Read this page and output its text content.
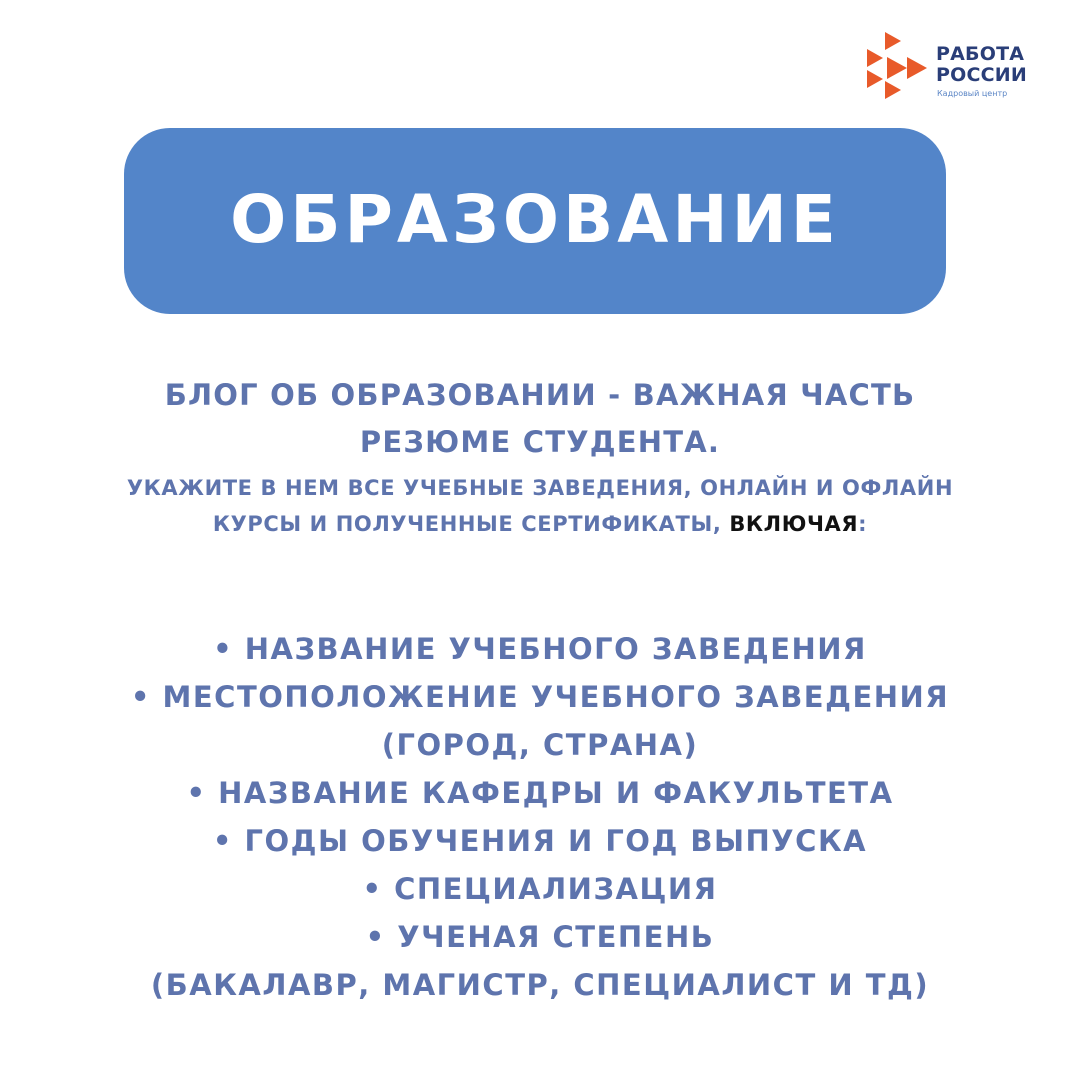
РАБОТА
РОССИИ
Кадровый центр
ОБРАЗОВАНИЕ
БЛОГ ОБ ОБРАЗОВАНИИ - ВАЖНАЯ ЧАСТЬ
РЕЗЮМЕ СТУДЕНТА.
УКАЖИТЕ В НЕМ ВСЕ УЧЕБНЫЕ ЗАВЕДЕНИЯ, ОНЛАЙН И ОФЛАЙН
КУРСЫ И ПОЛУЧЕННЫЕ СЕРТИФИКАТЫ, ВКЛЮЧАЯ:
• НАЗВАНИЕ УЧЕБНОГО ЗАВЕДЕНИЯ
• МЕСТОПОЛОЖЕНИЕ УЧЕБНОГО ЗАВЕДЕНИЯ
(ГОРОД, СТРАНА)
• НАЗВАНИЕ КАФЕДРЫ И ФАКУЛЬТЕТА
• ГОДЫ ОБУЧЕНИЯ И ГОД ВЫПУСКА
• СПЕЦИАЛИЗАЦИЯ
• УЧЕНАЯ СТЕПЕНЬ
(БАКАЛАВР, МАГИСТР, СПЕЦИАЛИСТ И ТД)
